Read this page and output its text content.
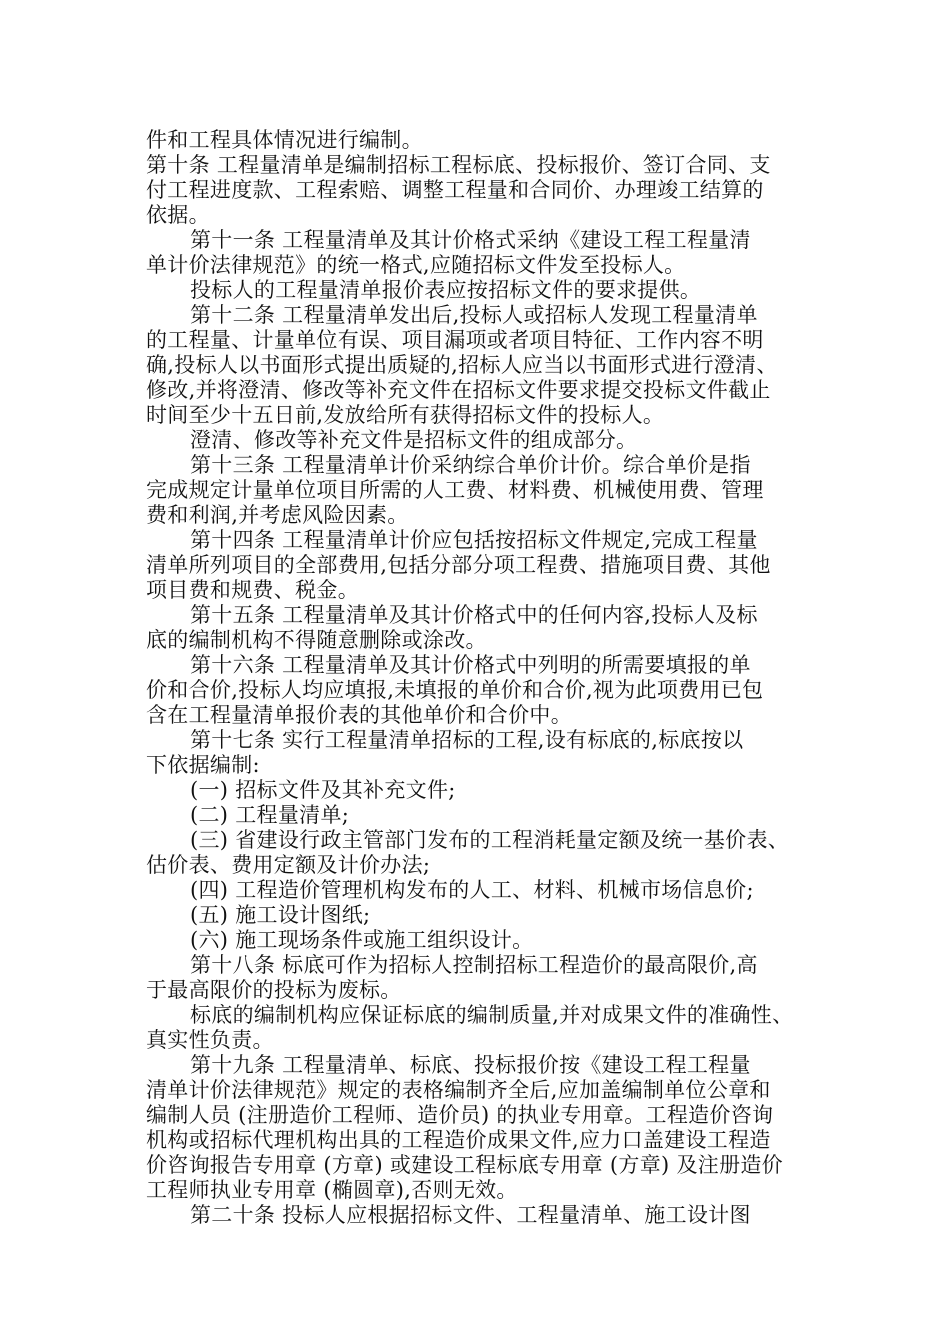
件和工程具体情况进行编制。
第十条 工程量清单是编制招标工程标底、投标报价、签订合同、支
付工程进度款、工程索赔、调整工程量和合同价、办理竣工结算的
依据。
第十一条 工程量清单及其计价格式采纳《建设工程工程量清
单计价法律规范》的统一格式,应随招标文件发至投标人。
投标人的工程量清单报价表应按招标文件的要求提供。
第十二条 工程量清单发出后,投标人或招标人发现工程量清单
的工程量、计量单位有误、项目漏项或者项目特征、工作内容不明
确,投标人以书面形式提出质疑的,招标人应当以书面形式进行澄清、
修改,并将澄清、修改等补充文件在招标文件要求提交投标文件截止
时间至少十五日前,发放给所有获得招标文件的投标人。
澄清、修改等补充文件是招标文件的组成部分。
第十三条 工程量清单计价采纳综合单价计价。综合单价是指
完成规定计量单位项目所需的人工费、材料费、机械使用费、管理
费和利润,并考虑风险因素。
第十四条 工程量清单计价应包括按招标文件规定,完成工程量
清单所列项目的全部费用,包括分部分项工程费、措施项目费、其他
项目费和规费、税金。
第十五条 工程量清单及其计价格式中的任何内容,投标人及标
底的编制机构不得随意删除或涂改。
第十六条 工程量清单及其计价格式中列明的所需要填报的单
价和合价,投标人均应填报,未填报的单价和合价,视为此项费用已包
含在工程量清单报价表的其他单价和合价中。
第十七条 实行工程量清单招标的工程,设有标底的,标底按以
下依据编制:
(一) 招标文件及其补充文件;
(二) 工程量清单;
(三) 省建设行政主管部门发布的工程消耗量定额及统一基价表、
估价表、费用定额及计价办法;
(四) 工程造价管理机构发布的人工、材料、机械市场信息价;
(五) 施工设计图纸;
(六) 施工现场条件或施工组织设计。
第十八条 标底可作为招标人控制招标工程造价的最高限价,高
于最高限价的投标为废标。
标底的编制机构应保证标底的编制质量,并对成果文件的准确性、
真实性负责。
第十九条 工程量清单、标底、投标报价按《建设工程工程量
清单计价法律规范》规定的表格编制齐全后,应加盖编制单位公章和
编制人员 (注册造价工程师、造价员) 的执业专用章。工程造价咨询
机构或招标代理机构出具的工程造价成果文件,应力口盖建设工程造
价咨询报告专用章 (方章) 或建设工程标底专用章 (方章) 及注册造价
工程师执业专用章 (椭圆章),否则无效。
第二十条 投标人应根据招标文件、工程量清单、施工设计图
